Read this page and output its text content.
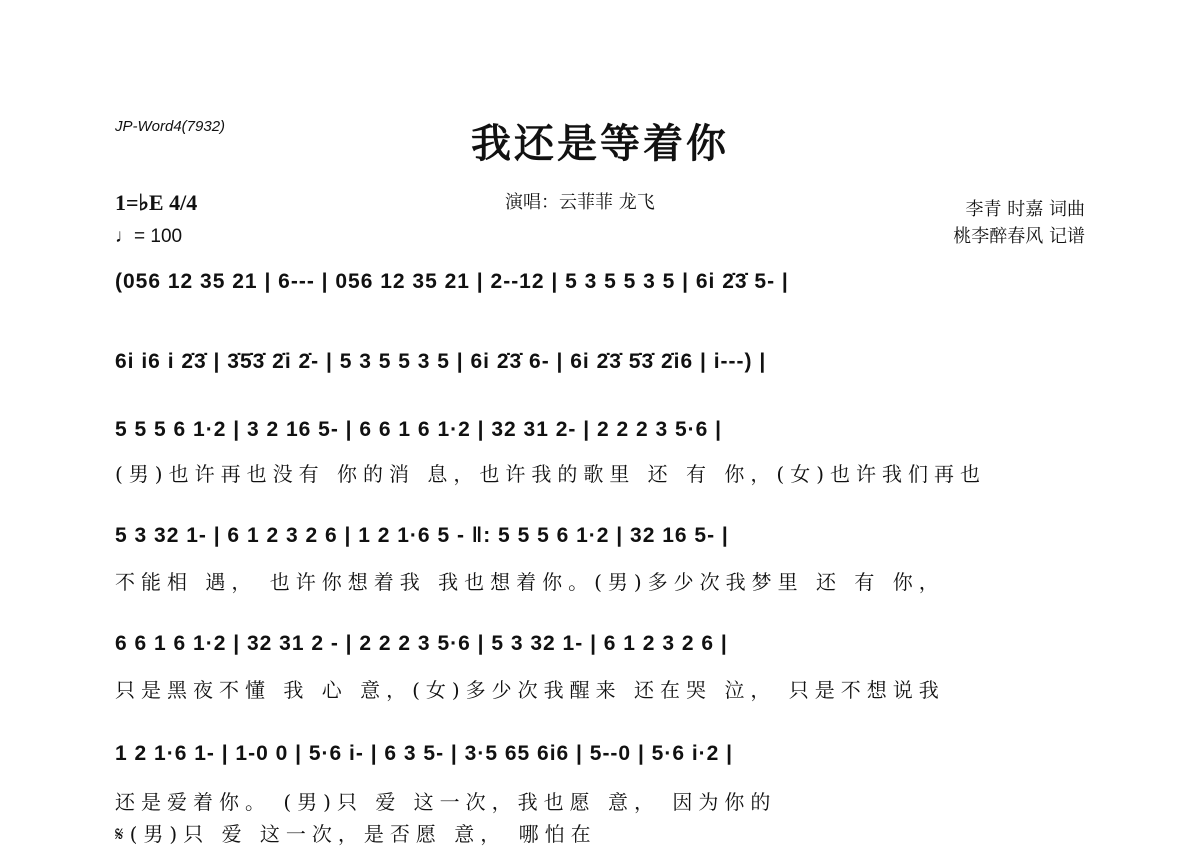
JP-Word4(7932)	我还是等着你
1=♭E 4/4
♩= 100
演唱：云菲菲 龙飞	李青 时嘉 词曲
桃李醉春风 记谱
(056 12 35 21 | 6--- | 056 12 35 21 | 2--12 | 5 3 5 5 3 5 | 6i 2̇3̇ 5- |
6i i6 i 2̇3̇ | 3̇5̇3̇ 2̇i 2̇- | 5 3 5 5 3 5 | 6i 2̇3̇ 6- | 6i 2̇3̇ 5̇3̇ 2̇i6 | i---) |
5 5 5 6 1·2 | 3 2 16 5- | 6 6 1 6 1·2 | 32 31 2- | 2 2 2 3 5·6 |
(男)也许再也没有 你的消 息，也许我的歌里 还 有 你，(女)也许我们再也
5 3 32 1- | 6 1 2 3 2 6 | 1 2 1·6 5 - ‖: 5 5 5 6 1·2 | 32 16 5- |
不能相 遇， 也许你想着我 我也想着你。(男)多少次我梦里 还 有 你，
6 6 1 6 1·2 | 32 31 2 - | 2 2 2 3 5·6 | 5 3 32 1- | 6 1 2 3 2 6 |
只是黑夜不懂 我 心 意，(女)多少次我醒来 还在哭 泣， 只是不想说我
1 2 1·6 1- | 1-0 0 | 5·6 i- | 6 3 5- | 3·5 65 6i6 | 5--0 | 5·6 i·2 |
还是爱着你。 (男)只 爱 这一次，我也愿 意， 因为你的
𝄋(男)只 爱 这一次，是否愿 意， 哪怕在
